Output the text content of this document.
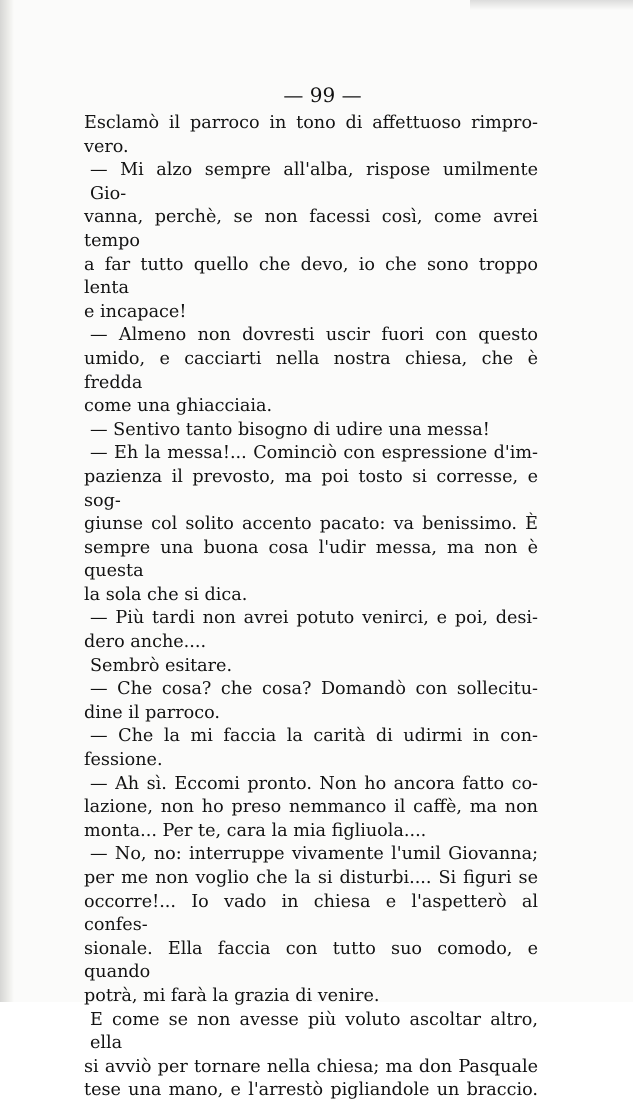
— 99 —
Esclamò il parroco in tono di affettuoso rimpro-
vero.
— Mi alzo sempre all'alba, rispose umilmente Gio-
vanna, perchè, se non facessi così, come avrei tempo
a far tutto quello che devo, io che sono troppo lenta
e incapace!
— Almeno non dovresti uscir fuori con questo
umido, e cacciarti nella nostra chiesa, che è fredda
come una ghiacciaia.
— Sentivo tanto bisogno di udire una messa!
— Eh la messa!... Cominciò con espressione d'im-
pazienza il prevosto, ma poi tosto si corresse, e sog-
giunse col solito accento pacato: va benissimo. È
sempre una buona cosa l'udir messa, ma non è questa
la sola che si dica.
— Più tardi non avrei potuto venirci, e poi, desi-
dero anche....
Sembrò esitare.
— Che cosa? che cosa? Domandò con sollecitu-
dine il parroco.
— Che la mi faccia la carità di udirmi in con-
fessione.
— Ah sì. Eccomi pronto. Non ho ancora fatto co-
lazione, non ho preso nemmanco il caffè, ma non
monta... Per te, cara la mia figliuola....
— No, no: interruppe vivamente l'umil Giovanna;
per me non voglio che la si disturbi.... Si figuri se
occorre!... Io vado in chiesa e l'aspetterò al confes-
sionale. Ella faccia con tutto suo comodo, e quando
potrà, mi farà la grazia di venire.
E come se non avesse più voluto ascoltar altro, ella
si avviò per tornare nella chiesa; ma don Pasquale
tese una mano, e l'arrestò pigliandole un braccio.
